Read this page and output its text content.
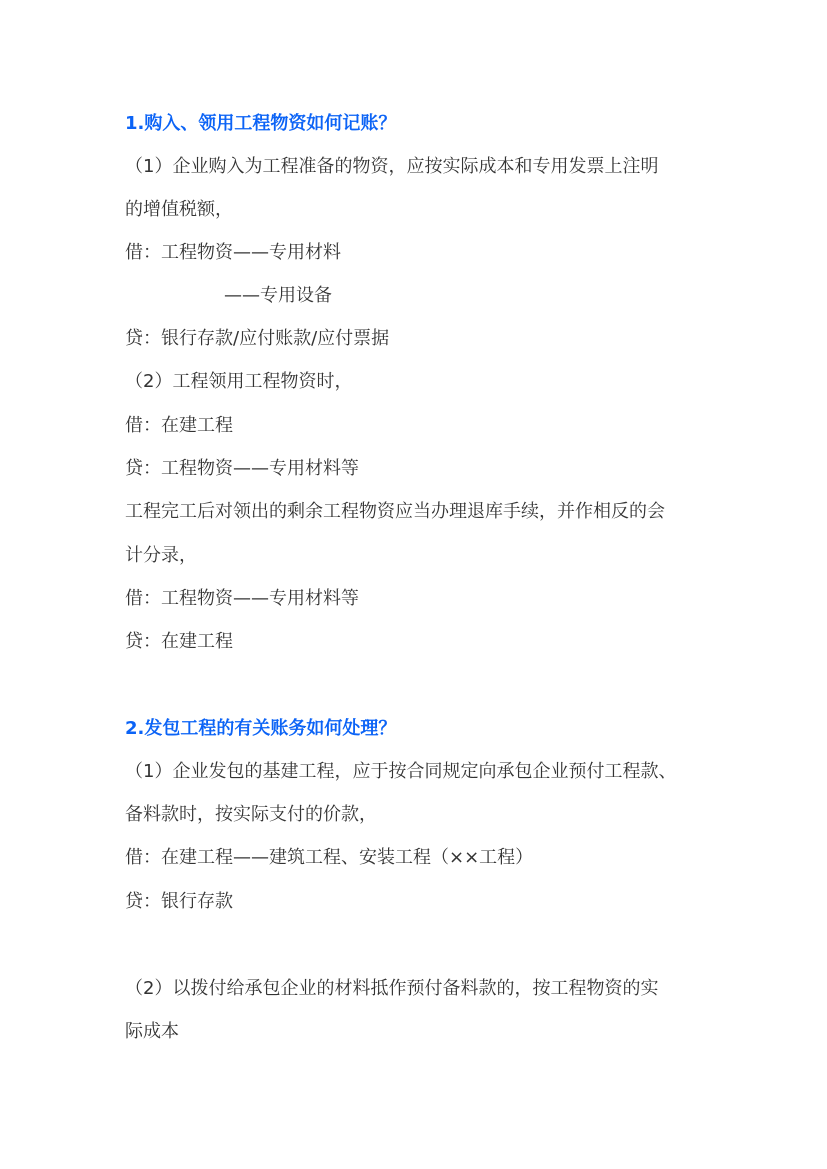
1.购入、领用工程物资如何记账？

（1）企业购入为工程准备的物资，应按实际成本和专用发票上注明

的增值税额，

借：工程物资——专用材料

——专用设备

贷：银行存款/应付账款/应付票据

（2）工程领用工程物资时，

借：在建工程

贷：工程物资——专用材料等

工程完工后对领出的剩余工程物资应当办理退库手续，并作相反的会

计分录，

借：工程物资——专用材料等

贷：在建工程

2.发包工程的有关账务如何处理？

（1）企业发包的基建工程，应于按合同规定向承包企业预付工程款、

备料款时，按实际支付的价款，

借：在建工程——建筑工程、安装工程（××工程）

贷：银行存款

（2）以拨付给承包企业的材料抵作预付备料款的，按工程物资的实

际成本
